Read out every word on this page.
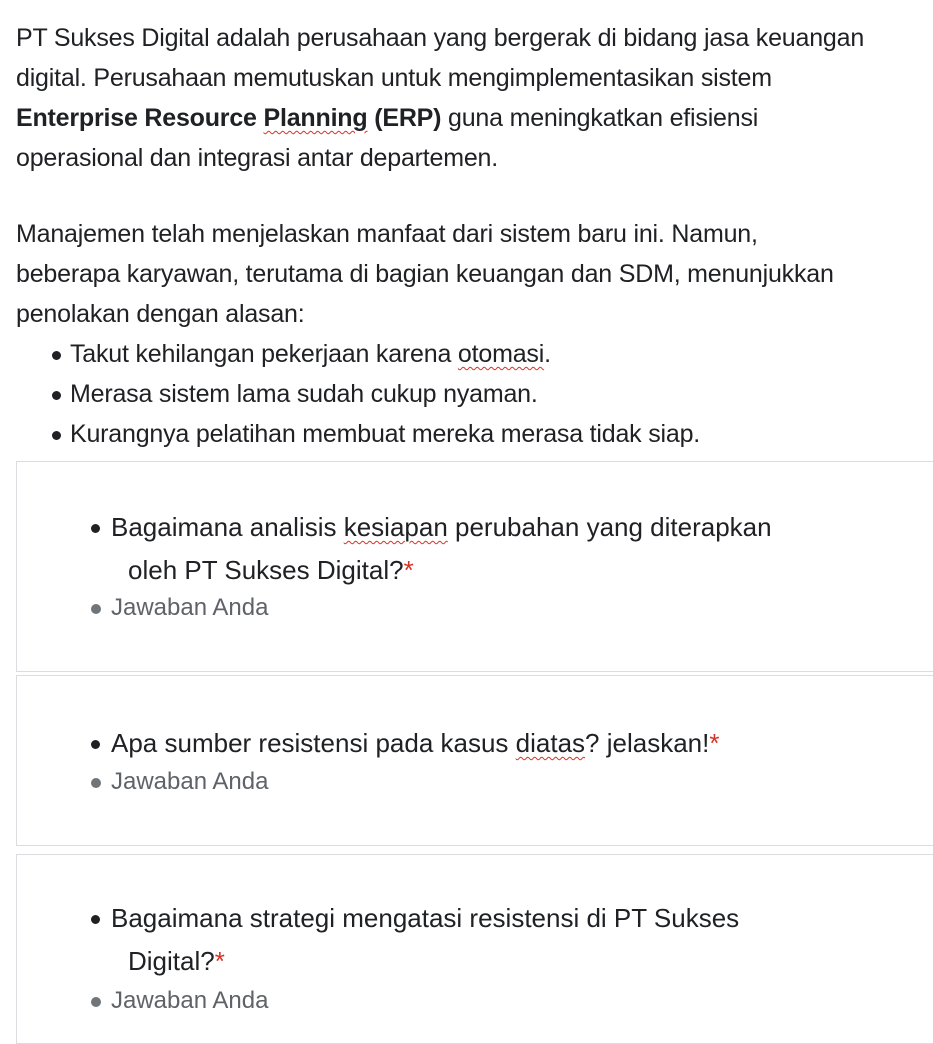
PT Sukses Digital adalah perusahaan yang bergerak di bidang jasa keuangan
digital. Perusahaan memutuskan untuk mengimplementasikan sistem
Enterprise Resource Planning (ERP) guna meningkatkan efisiensi
operasional dan integrasi antar departemen.

Manajemen telah menjelaskan manfaat dari sistem baru ini. Namun,
beberapa karyawan, terutama di bagian keuangan dan SDM, menunjukkan
penolakan dengan alasan:

Takut kehilangan pekerjaan karena otomasi.
Merasa sistem lama sudah cukup nyaman.
Kurangnya pelatihan membuat mereka merasa tidak siap.
Bagaimana analisis kesiapan perubahan yang diterapkan
oleh PT Sukses Digital?*
Jawaban Anda
Apa sumber resistensi pada kasus diatas? jelaskan!*
Jawaban Anda
Bagaimana strategi mengatasi resistensi di PT Sukses
Digital?*
Jawaban Anda
